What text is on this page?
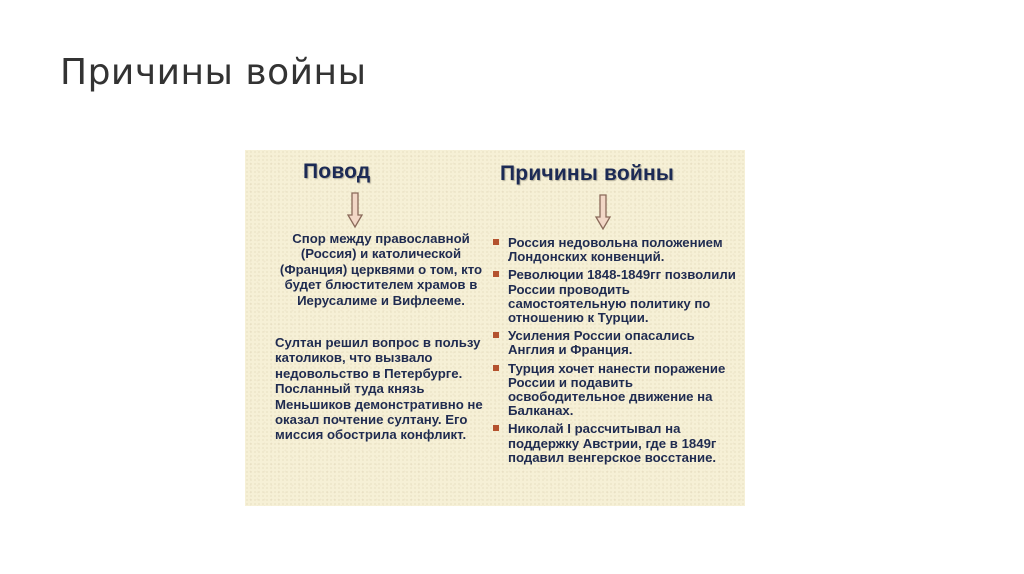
Причины войны
Повод	Причины войны
Спор между православной (Россия) и католической (Франция) церквями о том, кто будет блюстителем храмов в Иерусалиме и Вифлееме.
Султан решил вопрос в пользу католиков, что вызвало недовольство в Петербурге. Посланный туда князь Меньшиков демонстративно не оказал почтение султану. Его миссия обострила конфликт.
Россия недовольна положением Лондонских конвенций.
Революции 1848-1849гг позволили России проводить самостоятельную политику по отношению к Турции.
Усиления России опасались Англия и Франция.
Турция хочет нанести поражение России и подавить освободительное движение на Балканах.
Николай I рассчитывал на поддержку Австрии, где в 1849г подавил венгерское восстание.
